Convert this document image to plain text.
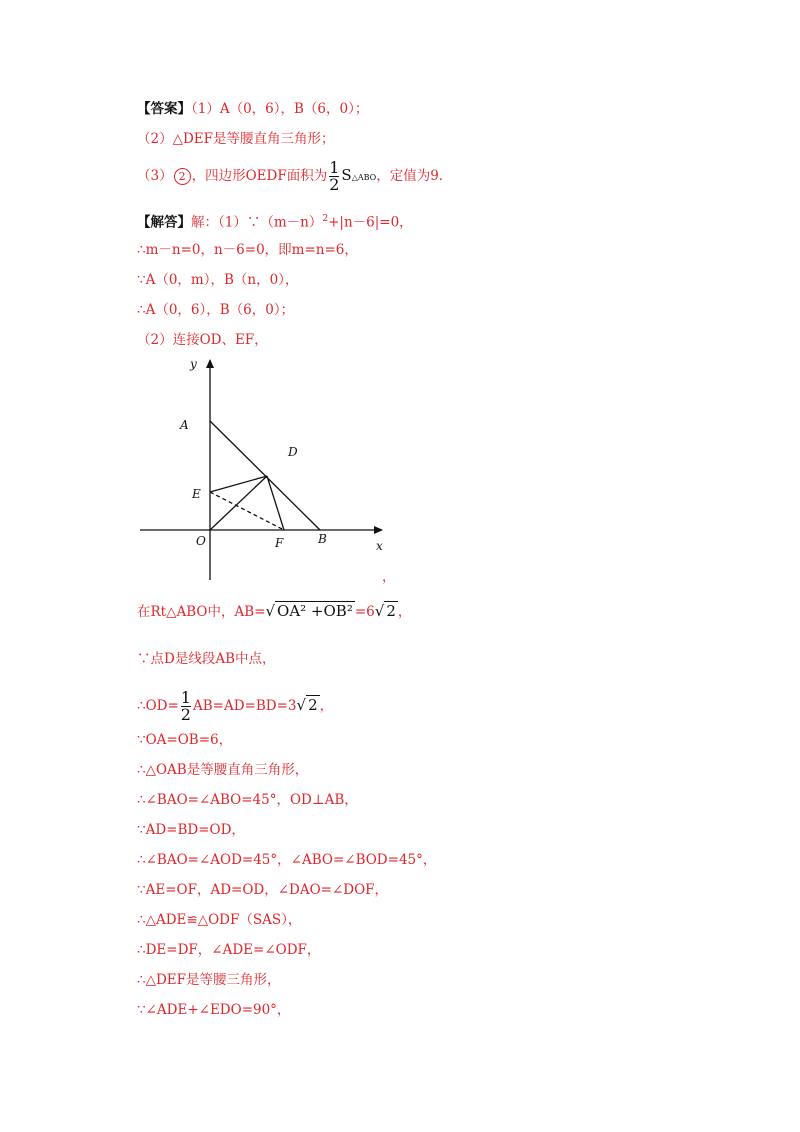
【答案】（1）A（0，6），B（6，0）；
（2）△DEF是等腰直角三角形；
（3） 2 ，四边形OEDF面积为 $\frac{1}{2}$ S△ABO，定值为9．
【解答】解：$(1)\because(m-n)^2+|n-6|=0$，
∴m－n=0，n－6=0，即m=n=6，
∵A（0，m），B（n，0），
∴A（0，6），B（6，0）；
（2）连接OD、EF，
y
A
D
E
O	F	B	x
，
在Rt△ABO中，AB=√ OA² +OB² =6√ 2 ，
∵点D是线段AB中点，
∴OD= $\frac{1}{2} AB=AD=BD=3√$ 2 ，
∵OA=OB=6，
∴△OAB是等腰直角三角形，
∴∠BAO=∠ABO=45°，OD⊥AB，
∵AD=BD=OD，
∴∠BAO=∠AOD=45°，∠ABO=∠BOD=45°，
∵AE=OF，AD=OD，∠DAO=∠DOF，
∴△ADE≌△ODF（SAS），
∴DE=DF，∠ADE=∠ODF，
∴△DEF是等腰三角形，
∵∠ADE+∠EDO=90°，
